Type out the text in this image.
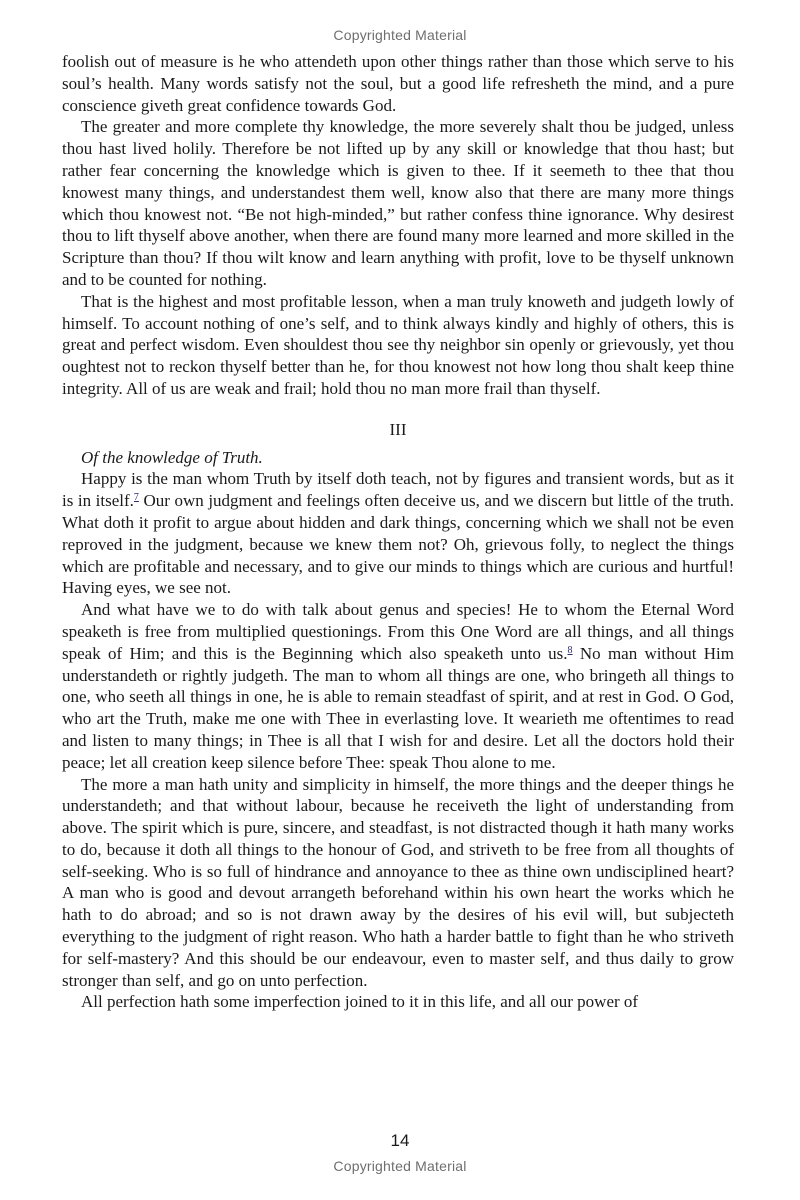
Copyrighted Material

foolish out of measure is he who attendeth upon other things rather than those which serve to his soul’s health. Many words satisfy not the soul, but a good life refresheth the mind, and a pure conscience giveth great confidence towards God.

The greater and more complete thy knowledge, the more severely shalt thou be judged, unless thou hast lived holily. Therefore be not lifted up by any skill or knowledge that thou hast; but rather fear concerning the knowledge which is given to thee. If it seemeth to thee that thou knowest many things, and understandest them well, know also that there are many more things which thou knowest not. “Be not high-minded,” but rather confess thine ignorance. Why desirest thou to lift thyself above another, when there are found many more learned and more skilled in the Scripture than thou? If thou wilt know and learn anything with profit, love to be thyself unknown and to be counted for nothing.

That is the highest and most profitable lesson, when a man truly knoweth and judgeth lowly of himself. To account nothing of one’s self, and to think always kindly and highly of others, this is great and perfect wisdom. Even shouldest thou see thy neighbor sin openly or grievously, yet thou oughtest not to reckon thyself better than he, for thou knowest not how long thou shalt keep thine integrity. All of us are weak and frail; hold thou no man more frail than thyself.

III

Of the knowledge of Truth.

Happy is the man whom Truth by itself doth teach, not by figures and transient words, but as it is in itself.$^7$ Our own judgment and feelings often deceive us, and we discern but little of the truth. What doth it profit to argue about hidden and dark things, concerning which we shall not be even reproved in the judgment, because we knew them not? Oh, grievous folly, to neglect the things which are profitable and necessary, and to give our minds to things which are curious and hurtful! Having eyes, we see not.

And what have we to do with talk about genus and species! He to whom the Eternal Word speaketh is free from multiplied questionings. From this One Word are all things, and all things speak of Him; and this is the Beginning which also speaketh unto us.$^8$ No man without Him understandeth or rightly judgeth. The man to whom all things are one, who bringeth all things to one, who seeth all things in one, he is able to remain steadfast of spirit, and at rest in God. O God, who art the Truth, make me one with Thee in everlasting love. It wearieth me oftentimes to read and listen to many things; in Thee is all that I wish for and desire. Let all the doctors hold their peace; let all creation keep silence before Thee: speak Thou alone to me.

The more a man hath unity and simplicity in himself, the more things and the deeper things he understandeth; and that without labour, because he receiveth the light of understanding from above. The spirit which is pure, sincere, and steadfast, is not distracted though it hath many works to do, because it doth all things to the honour of God, and striveth to be free from all thoughts of self-seeking. Who is so full of hindrance and annoyance to thee as thine own undisciplined heart? A man who is good and devout arrangeth beforehand within his own heart the works which he hath to do abroad; and so is not drawn away by the desires of his evil will, but subjecteth everything to the judgment of right reason. Who hath a harder battle to fight than he who striveth for self-mastery? And this should be our endeavour, even to master self, and thus daily to grow stronger than self, and go on unto perfection.

All perfection hath some imperfection joined to it in this life, and all our power of

14
Copyrighted Material
